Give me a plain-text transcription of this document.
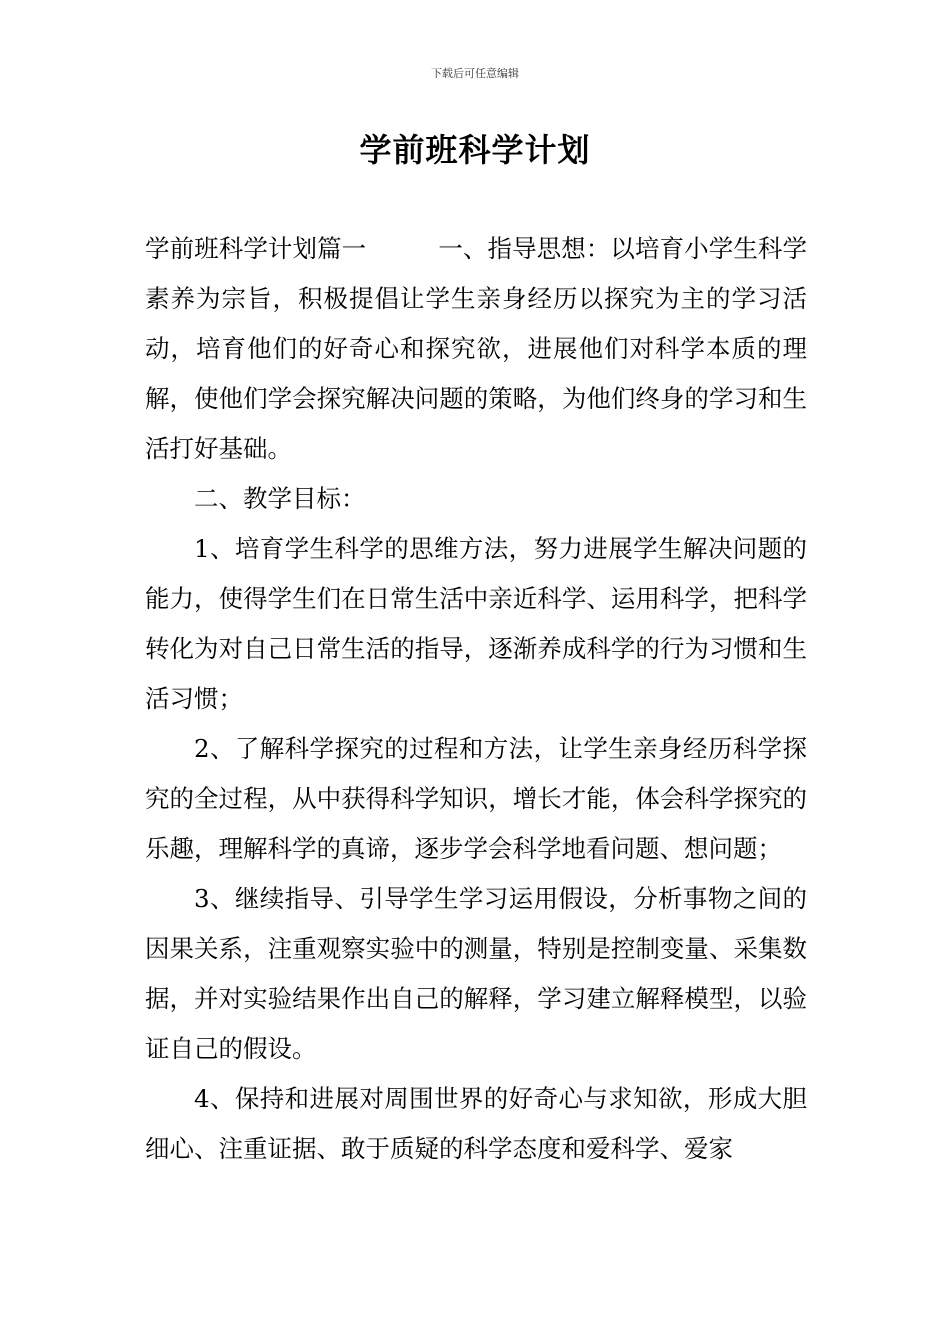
下载后可任意编辑
学前班科学计划

学前班科学计划篇一	一、指导思想：以培育小学生科学素养为宗旨，积极提倡让学生亲身经历以探究为主的学习活动，培育他们的好奇心和探究欲，进展他们对科学本质的理解，使他们学会探究解决问题的策略，为他们终身的学习和生活打好基础。

二、教学目标：

1、培育学生科学的思维方法，努力进展学生解决问题的能力，使得学生们在日常生活中亲近科学、运用科学，把科学转化为对自己日常生活的指导，逐渐养成科学的行为习惯和生活习惯；

2、了解科学探究的过程和方法，让学生亲身经历科学探究的全过程，从中获得科学知识，增长才能，体会科学探究的乐趣，理解科学的真谛，逐步学会科学地看问题、想问题；

3、继续指导、引导学生学习运用假设，分析事物之间的因果关系，注重观察实验中的测量，特别是控制变量、采集数据，并对实验结果作出自己的解释，学习建立解释模型，以验证自己的假设。

4、保持和进展对周围世界的好奇心与求知欲，形成大胆细心、注重证据、敢于质疑的科学态度和爱科学、爱家
